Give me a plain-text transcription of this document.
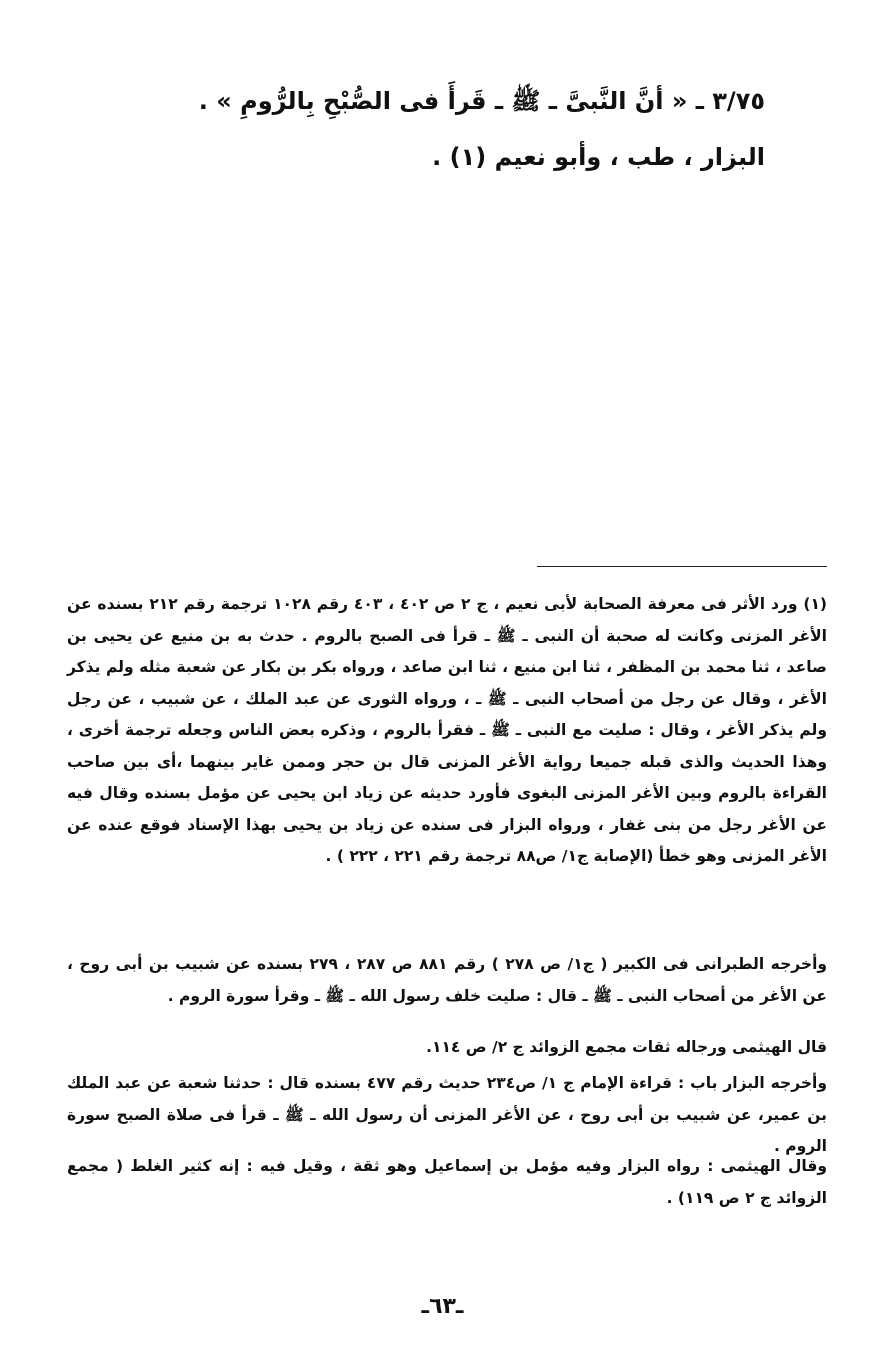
٣/٧٥ ـ « أنَّ النَّبىَّ ـ ﷺ ـ قَرأَ فى الصُّبْحِ بِالرُّومِ » .
البزار ، طب ، وأبو نعيم (١) .
(١) ورد الأثر فى معرفة الصحابة لأبى نعيم ، ج ٢ ص ٤٠٢ ، ٤٠٣ رقم ١٠٢٨ ترجمة رقم ٢١٢ بسنده عن الأغر المزنى وكانت له صحبة أن النبى ـ ﷺ ـ قرأ فى الصبح بالروم . حدث به بن منيع عن يحيى بن صاعد ، ثنا محمد بن المظفر ، ثنا ابن منيع ، ثنا ابن صاعد ، ورواه بكر بن بكار عن شعبة مثله ولم يذكر الأغر ، وقال عن رجل من أصحاب النبى ـ ﷺ ـ ، ورواه الثورى عن عبد الملك ، عن شبيب ، عن رجل ولم يذكر الأغر ، وقال : صليت مع النبى ـ ﷺ ـ فقرأ بالروم ، وذكره بعض الناس وجعله ترجمة أخرى ، وهذا الحديث والذى قبله جميعا رواية الأغر المزنى قال بن حجر وممن غاير بينهما ،أى بين صاحب القراءة بالروم وبين الأغر المزنى البغوى فأورد حديثه عن زياد ابن يحيى عن مؤمل بسنده وقال فيه عن الأغر رجل من بنى غفار ، ورواه البزار فى سنده عن زياد بن يحيى بهذا الإسناد فوقع عنده عن الأغر المزنى وهو خطأ (الإصابة ج١/ ص٨٨ ترجمة رقم ٢٢١ ، ٢٢٢ ) .
وأخرجه الطبرانى فى الكبير ( ج١/ ص ٢٧٨ ) رقم ٨٨١ ص ٢٨٧ ، ٢٧٩ بسنده عن شبيب بن أبى روح ، عن الأغر من أصحاب النبى ـ ﷺ ـ قال : صليت خلف رسول الله ـ ﷺ ـ وقرأ سورة الروم .
قال الهيثمى ورجاله ثقات مجمع الزوائد ج ٢/ ص ١١٤.
وأخرجه البزار باب : قراءة الإمام ج ١/ ص٢٣٤ حديث رقم ٤٧٧ بسنده قال : حدثنا شعبة عن عبد الملك بن عمير، عن شبيب بن أبى روح ، عن الأغر المزنى أن رسول الله ـ ﷺ ـ قرأ فى صلاة الصبح سورة الروم .
وقال الهيثمى : رواه البزار وفيه مؤمل بن إسماعيل وهو ثقة ، وقيل فيه : إنه كثير الغلط ( مجمع الزوائد ج ٢ ص ١١٩) .
ـ٦٣ـ
